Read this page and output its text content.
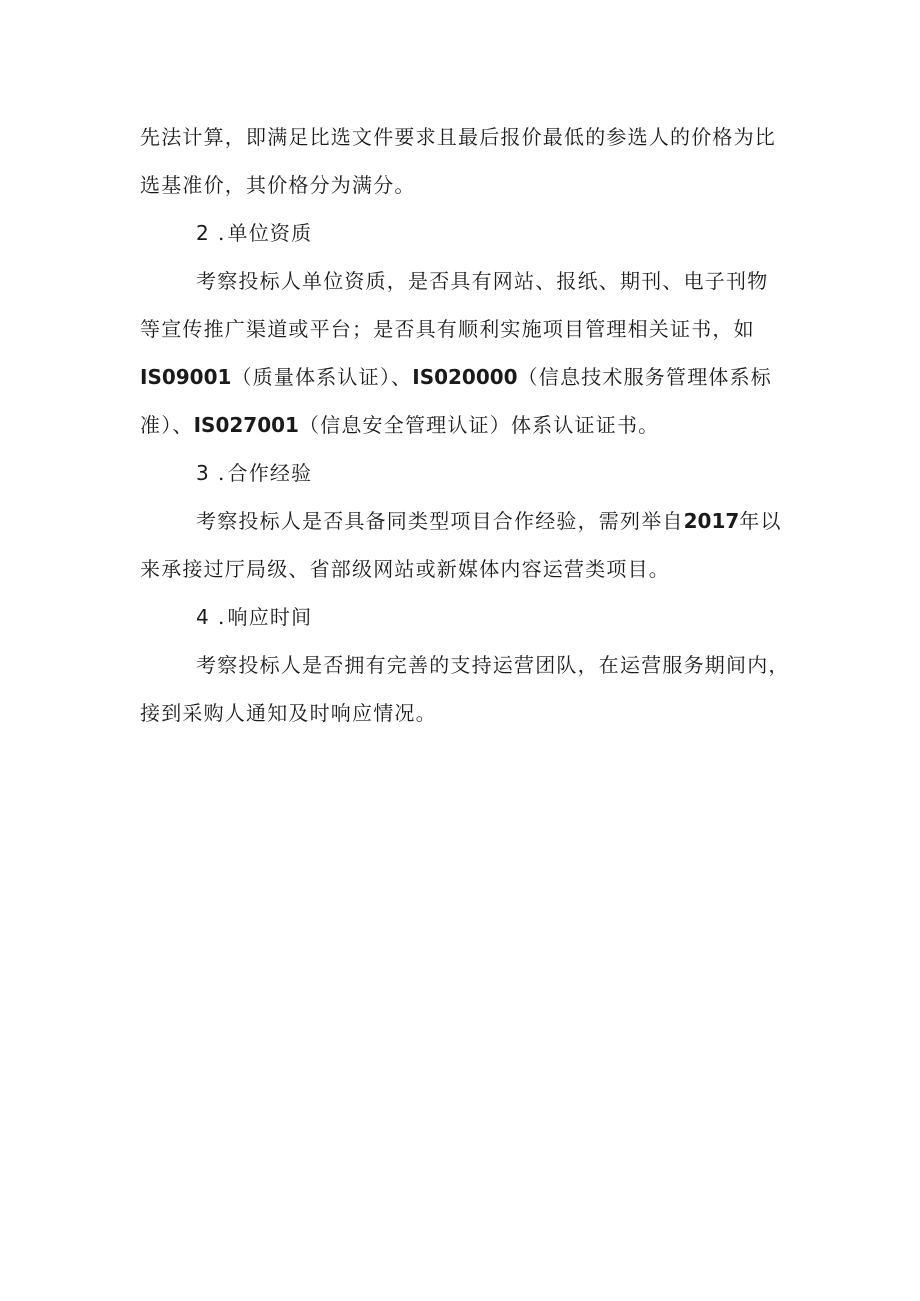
先法计算，即满足比选文件要求且最后报价最低的参选人的价格为比
选基准价，其价格分为满分。
2 . 单位资质
考察投标人单位资质，是否具有网站、报纸、期刊、电子刊物
等宣传推广渠道或平台；是否具有顺利实施项目管理相关证书，如
IS09001（质量体系认证）、IS020000（信息技术服务管理体系标
准）、IS027001（信息安全管理认证）体系认证证书。
3 . 合作经验
考察投标人是否具备同类型项目合作经验，需列举自2017年以
来承接过厅局级、省部级网站或新媒体内容运营类项目。
4 . 响应时间
考察投标人是否拥有完善的支持运营团队，在运营服务期间内，
接到采购人通知及时响应情况。
